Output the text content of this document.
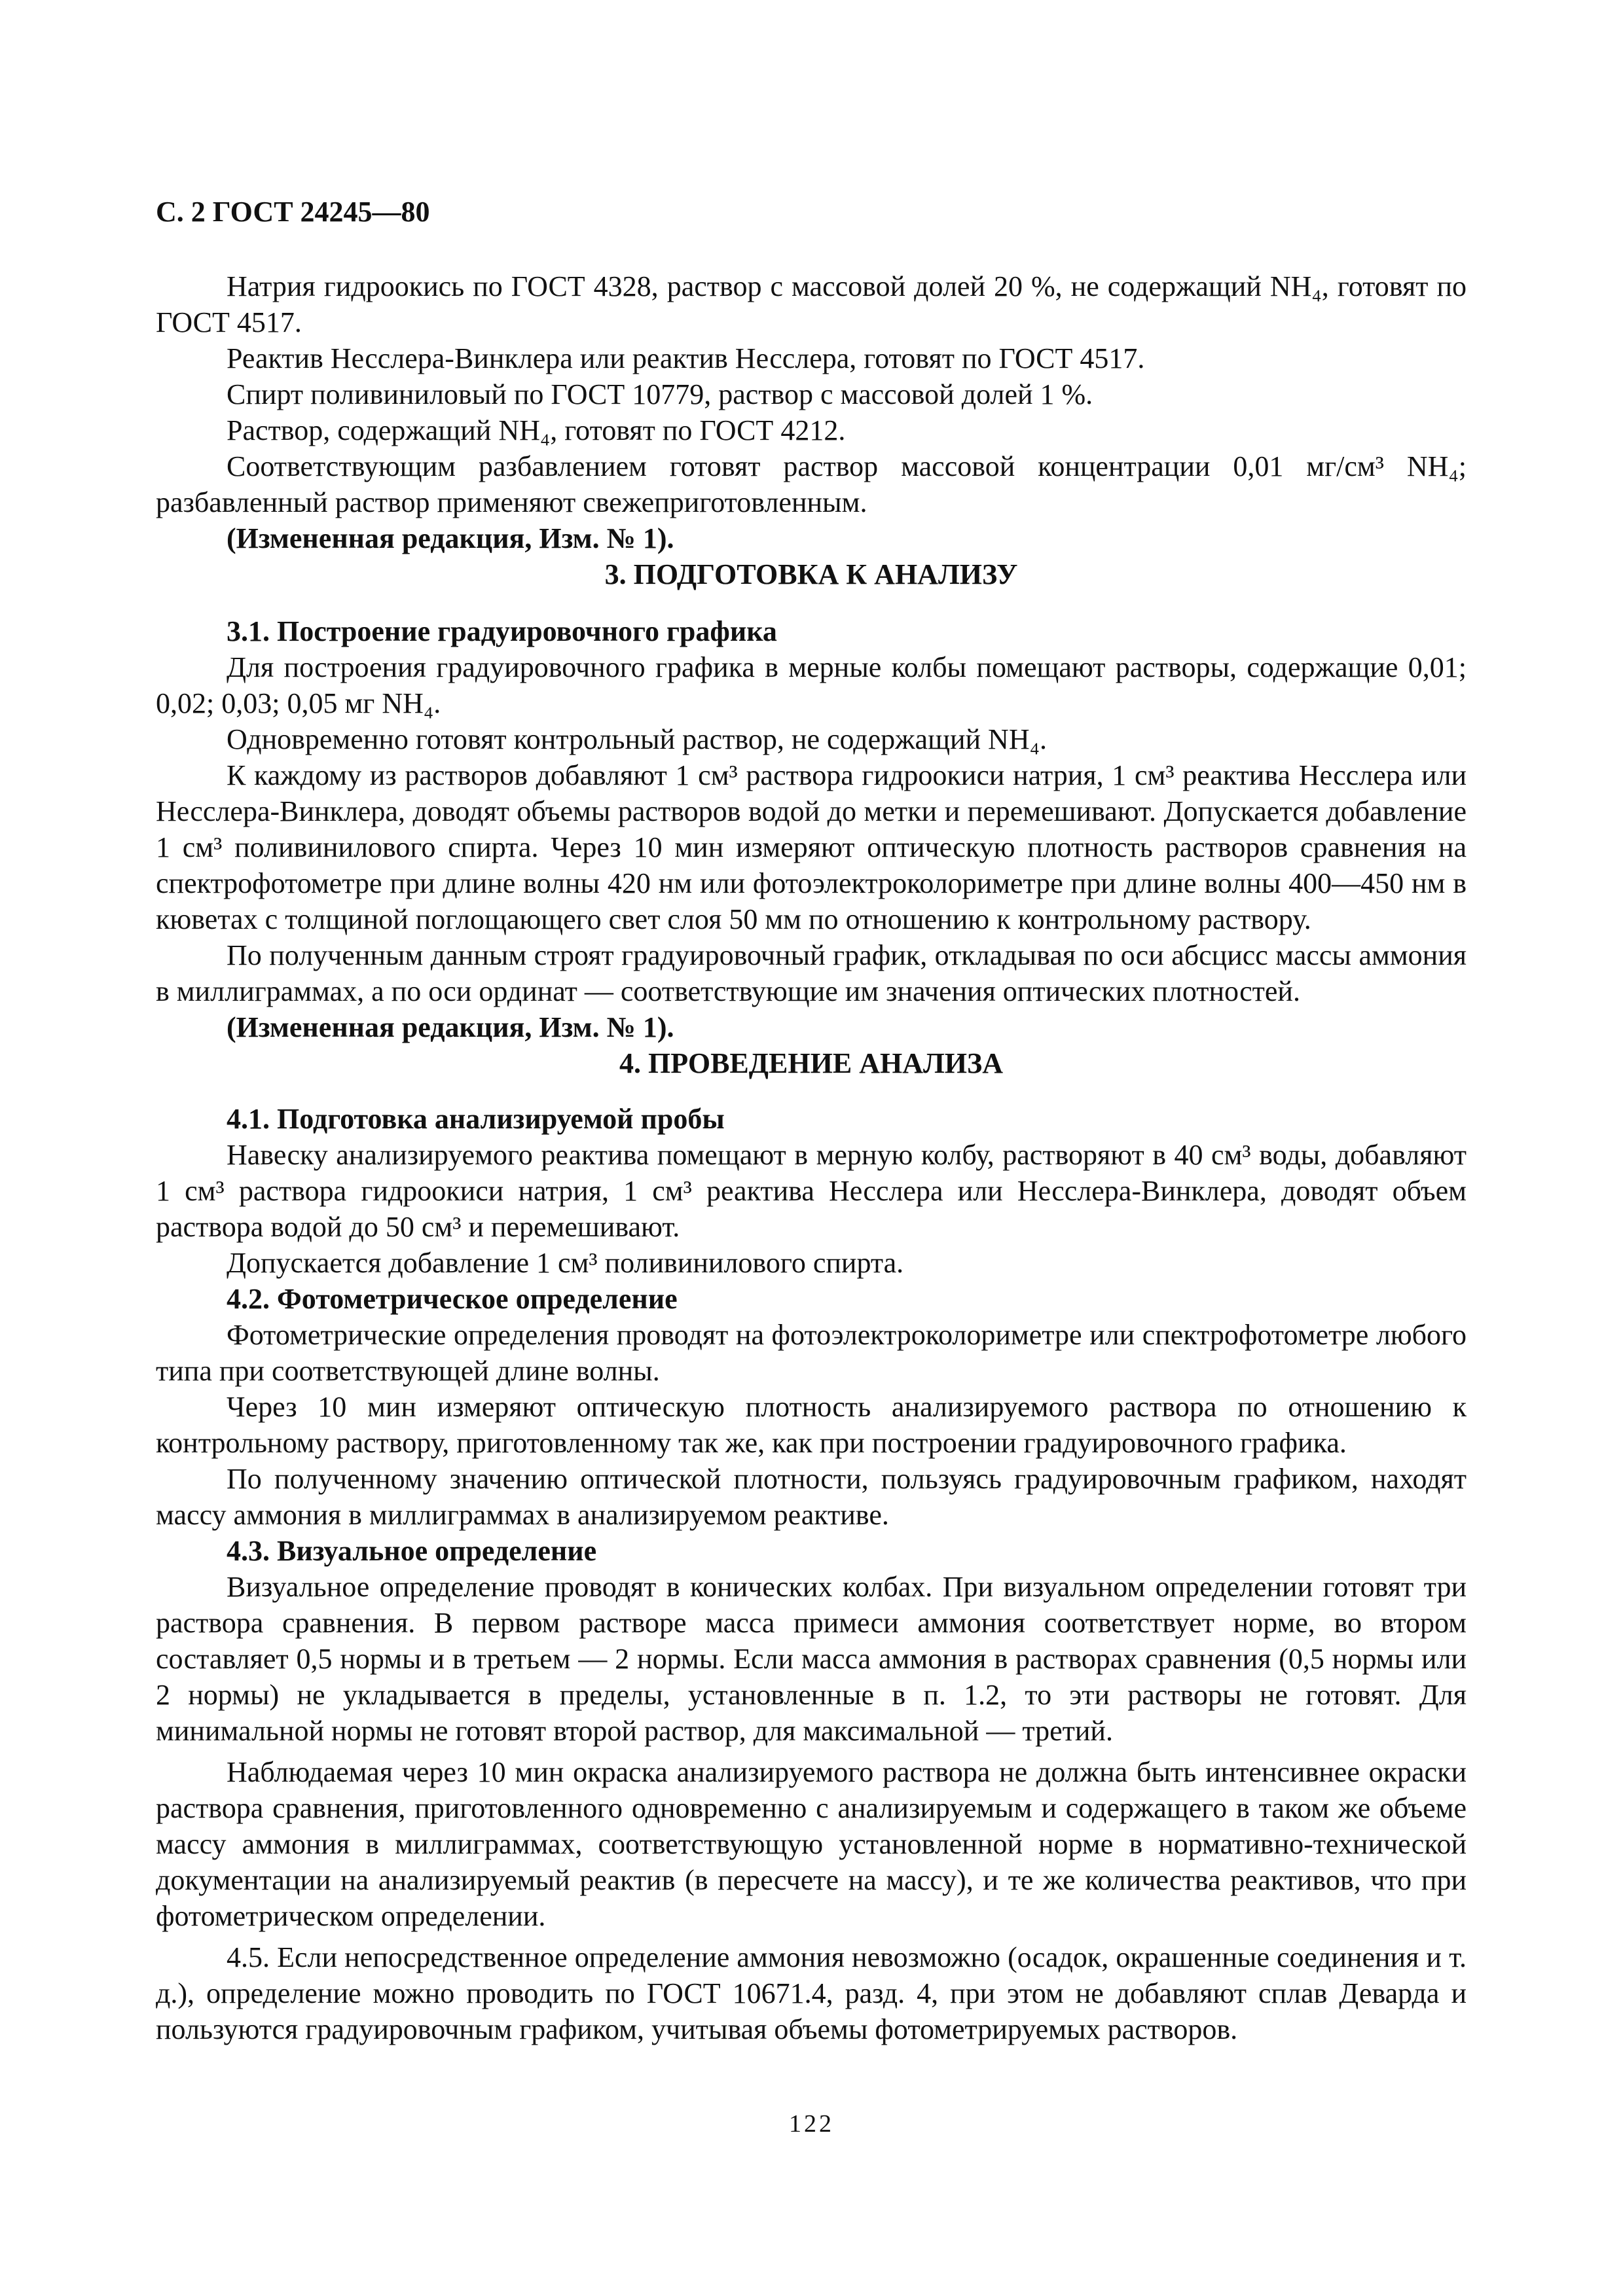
С. 2 ГОСТ 24245—80

Натрия гидроокись по ГОСТ 4328, раствор с массовой долей 20 %, не содержащий NH₄, готовят по ГОСТ 4517.

Реактив Несслера-Винклера или реактив Несслера, готовят по ГОСТ 4517.

Спирт поливиниловый по ГОСТ 10779, раствор с массовой долей 1 %.

Раствор, содержащий NH₄, готовят по ГОСТ 4212.

Соответствующим разбавлением готовят раствор массовой концентрации 0,01 мг/см³ NH₄; разбавленный раствор применяют свежеприготовленным.

(Измененная редакция, Изм. № 1).

3. ПОДГОТОВКА К АНАЛИЗУ

3.1. Построение градуировочного графика

Для построения градуировочного графика в мерные колбы помещают растворы, содержащие 0,01; 0,02; 0,03; 0,05 мг NH₄.

Одновременно готовят контрольный раствор, не содержащий NH₄.

К каждому из растворов добавляют 1 см³ раствора гидроокиси натрия, 1 см³ реактива Несслера или Несслера-Винклера, доводят объемы растворов водой до метки и перемешивают. Допускается добавление 1 см³ поливинилового спирта. Через 10 мин измеряют оптическую плотность растворов сравнения на спектрофотометре при длине волны 420 нм или фотоэлектроколориметре при длине волны 400—450 нм в кюветах с толщиной поглощающего свет слоя 50 мм по отношению к контрольному раствору.

По полученным данным строят градуировочный график, откладывая по оси абсцисс массы аммония в миллиграммах, а по оси ординат — соответствующие им значения оптических плотностей.

(Измененная редакция, Изм. № 1).

4. ПРОВЕДЕНИЕ АНАЛИЗА

4.1. Подготовка анализируемой пробы

Навеску анализируемого реактива помещают в мерную колбу, растворяют в 40 см³ воды, добавляют 1 см³ раствора гидроокиси натрия, 1 см³ реактива Несслера или Несслера-Винклера, доводят объем раствора водой до 50 см³ и перемешивают.

Допускается добавление 1 см³ поливинилового спирта.

4.2. Фотометрическое определение

Фотометрические определения проводят на фотоэлектроколориметре или спектрофотометре любого типа при соответствующей длине волны.

Через 10 мин измеряют оптическую плотность анализируемого раствора по отношению к контрольному раствору, приготовленному так же, как при построении градуировочного графика.

По полученному значению оптической плотности, пользуясь градуировочным графиком, находят массу аммония в миллиграммах в анализируемом реактиве.

4.3. Визуальное определение

Визуальное определение проводят в конических колбах. При визуальном определении готовят три раствора сравнения. В первом растворе масса примеси аммония соответствует норме, во втором составляет 0,5 нормы и в третьем — 2 нормы. Если масса аммония в растворах сравнения (0,5 нормы или 2 нормы) не укладывается в пределы, установленные в п. 1.2, то эти растворы не готовят. Для минимальной нормы не готовят второй раствор, для максимальной — третий.

Наблюдаемая через 10 мин окраска анализируемого раствора не должна быть интенсивнее окраски раствора сравнения, приготовленного одновременно с анализируемым и содержащего в таком же объеме массу аммония в миллиграммах, соответствующую установленной норме в нормативно-технической документации на анализируемый реактив (в пересчете на массу), и те же количества реактивов, что при фотометрическом определении.

4.5. Если непосредственное определение аммония невозможно (осадок, окрашенные соединения и т. д.), определение можно проводить по ГОСТ 10671.4, разд. 4, при этом не добавляют сплав Деварда и пользуются градуировочным графиком, учитывая объемы фотометрируемых растворов.

122
